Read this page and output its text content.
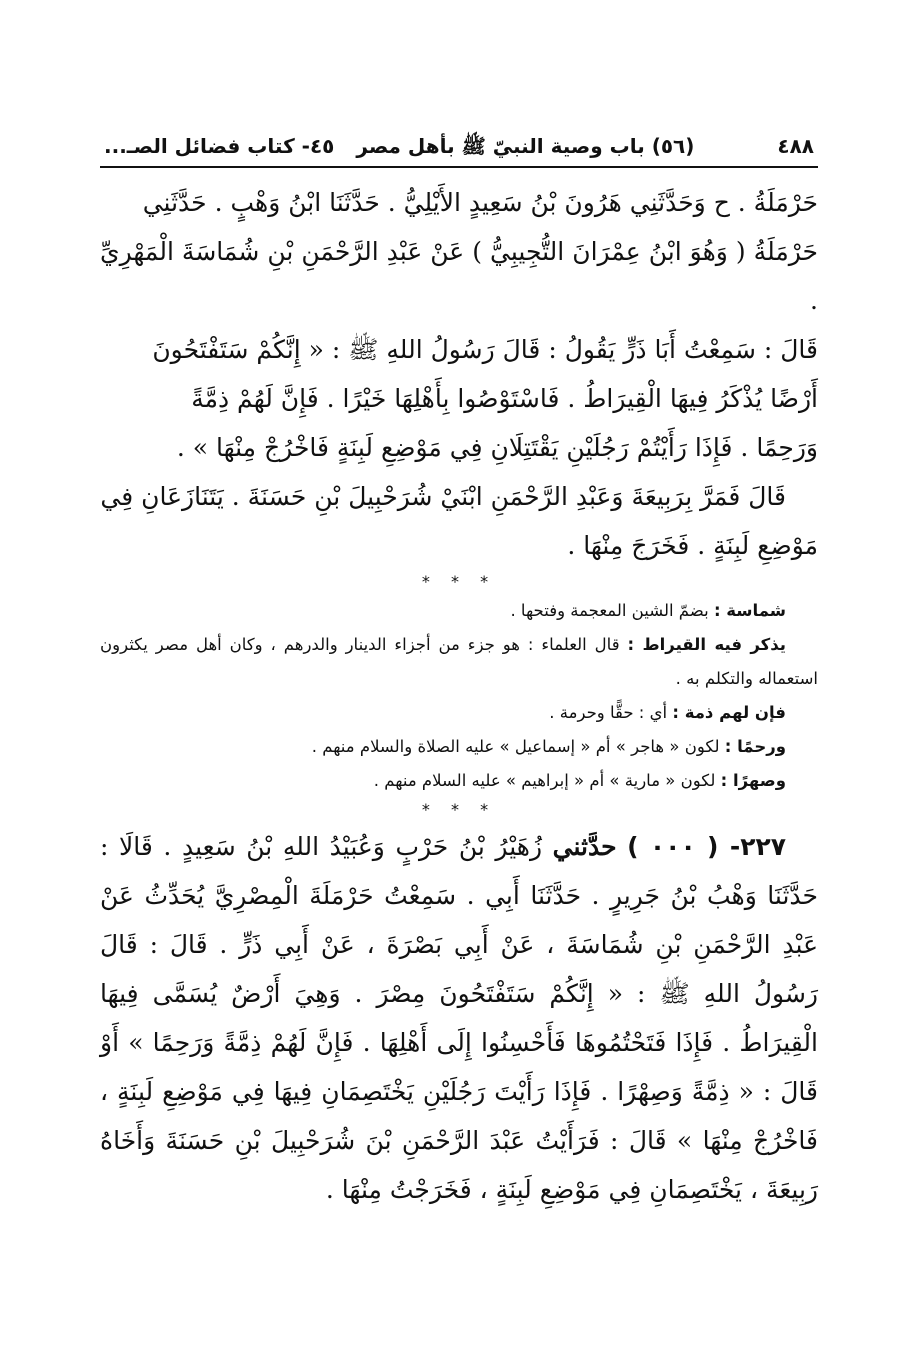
٤٨٨
(٥٦) باب وصية النبيّ ﷺ بأهل مصر
٤٥- كتاب فضائل الصـ...

حَرْمَلَةُ . ح وَحَدَّثَنِي هَرُونَ بْنُ سَعِيدٍ الأَيْلِيُّ . حَدَّثَنَا ابْنُ وَهْبٍ . حَدَّثَنِي

حَرْمَلَةُ ( وَهُوَ ابْنُ عِمْرَانَ التُّجِيبِيُّ ) عَنْ عَبْدِ الرَّحْمَنِ بْنِ شُمَاسَةَ الْمَهْرِيِّ .

قَالَ : سَمِعْتُ أَبَا ذَرٍّ يَقُولُ : قَالَ رَسُولُ اللهِ ﷺ : « إِنَّكُمْ سَتَفْتَحُونَ

أَرْضًا يُذْكَرُ فِيهَا الْقِيرَاطُ . فَاسْتَوْصُوا بِأَهْلِهَا خَيْرًا . فَإِنَّ لَهُمْ ذِمَّةً

وَرَحِمًا . فَإِذَا رَأَيْتُمْ رَجُلَيْنِ يَقْتَتِلَانِ فِي مَوْضِعِ لَبِنَةٍ فَاخْرُجْ مِنْهَا » .

قَالَ فَمَرَّ بِرَبِيعَةَ وَعَبْدِ الرَّحْمَنِ ابْنَيْ شُرَحْبِيلَ بْنِ حَسَنَةَ . يَتَنَازَعَانِ فِي

مَوْضِعِ لَبِنَةٍ . فَخَرَجَ مِنْهَا .

* * *

شماسة : بضمّ الشين المعجمة وفتحها .

يذكر فيه القيراط : قال العلماء : هو جزء من أجزاء الدينار والدرهم ، وكان أهل مصر يكثرون استعماله والتكلم به .

فإن لهم ذمة : أي : حقًّا وحرمة .

ورحمًا : لكون « هاجر » أم « إسماعيل » عليه الصلاة والسلام منهم .

وصهرًا : لكون « مارية » أم « إبراهيم » عليه السلام منهم .

* * *

٢٢٧- ( ٠٠٠ ) حدَّثني زُهَيْرُ بْنُ حَرْبٍ وَعُبَيْدُ اللهِ بْنُ سَعِيدٍ . قَالَا : حَدَّثَنَا وَهْبُ بْنُ جَرِيرٍ . حَدَّثَنَا أَبِي . سَمِعْتُ حَرْمَلَةَ الْمِصْرِيَّ يُحَدِّثُ عَنْ عَبْدِ الرَّحْمَنِ بْنِ شُمَاسَةَ ، عَنْ أَبِي بَصْرَةَ ، عَنْ أَبِي ذَرٍّ . قَالَ : قَالَ رَسُولُ اللهِ ﷺ : « إِنَّكُمْ سَتَفْتَحُونَ مِصْرَ . وَهِيَ أَرْضٌ يُسَمَّى فِيهَا الْقِيرَاطُ . فَإِذَا فَتَحْتُمُوهَا فَأَحْسِنُوا إِلَى أَهْلِهَا . فَإِنَّ لَهُمْ ذِمَّةً وَرَحِمًا » أَوْ قَالَ : « ذِمَّةً وَصِهْرًا . فَإِذَا رَأَيْتَ رَجُلَيْنِ يَخْتَصِمَانِ فِيهَا فِي مَوْضِعِ لَبِنَةٍ ، فَاخْرُجْ مِنْهَا » قَالَ : فَرَأَيْتُ عَبْدَ الرَّحْمَنِ بْنَ شُرَحْبِيلَ بْنِ حَسَنَةَ وَأَخَاهُ رَبِيعَةَ ، يَخْتَصِمَانِ فِي مَوْضِعِ لَبِنَةٍ ، فَخَرَجْتُ مِنْهَا .
